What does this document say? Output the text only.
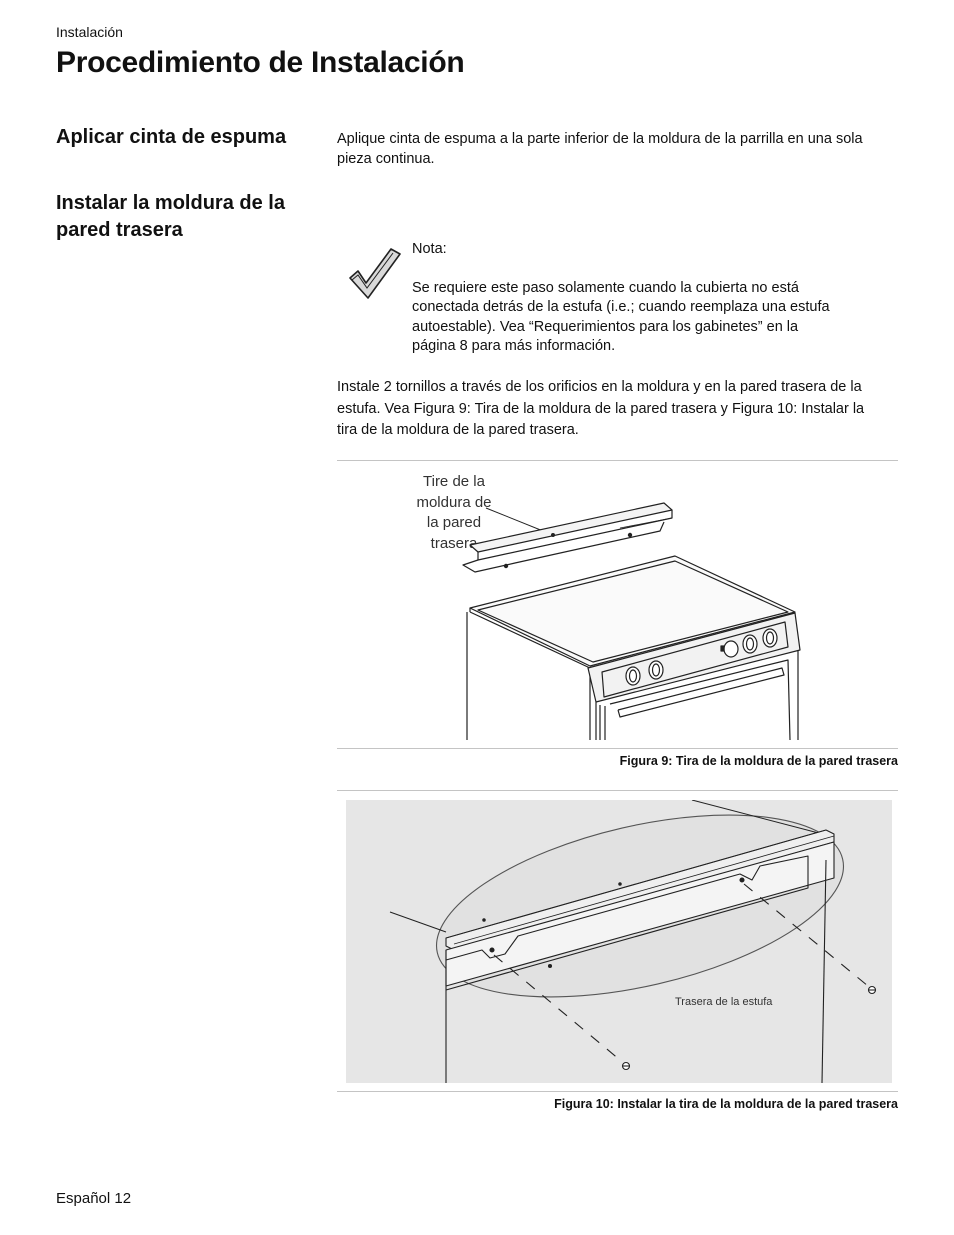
Instalación
Procedimiento de Instalación
Aplicar cinta de espuma	Aplique cinta de espuma a la parte inferior de la moldura de la parrilla en una sola
pieza continua.
Instalar la moldura de la
pared trasera
Nota:
Se requiere este paso solamente cuando la cubierta no está
conectada detrás de la estufa (i.e.; cuando reemplaza una estufa
autoestable). Vea “Requerimientos para los gabinetes” en la
página 8 para más información.
Instale 2 tornillos a través de los orificios en la moldura y en la pared trasera de la
estufa. Vea Figura 9: Tira de la moldura de la pared trasera y Figura 10: Instalar la
tira de la moldura de la pared trasera.
Tire de la
moldura de
la pared
trasera
Figura 9: Tira de la moldura de la pared trasera
Trasera de la estufa
Figura 10: Instalar la tira de la moldura de la pared trasera
Español 12
